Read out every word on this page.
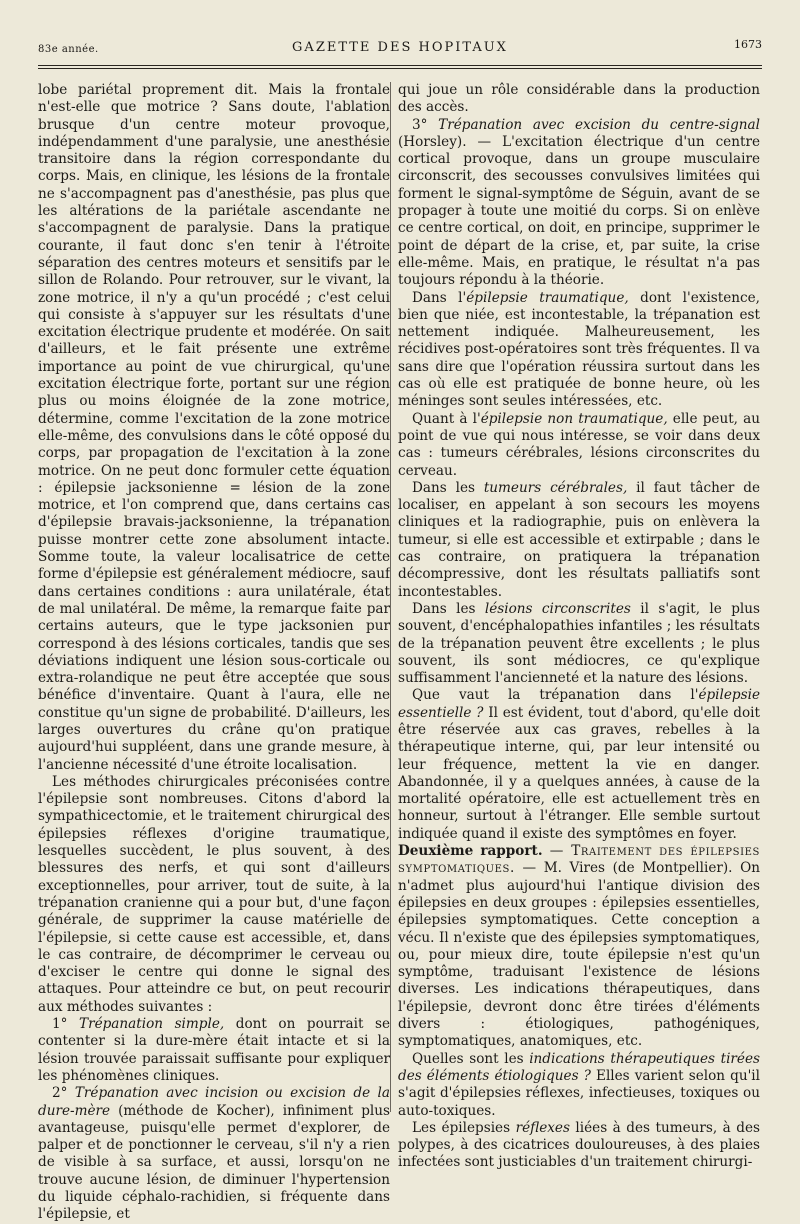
83e année.	GAZETTE DES HOPITAUX	1673

lobe pariétal proprement dit. Mais la frontale n'est-elle que motrice ? Sans doute, l'ablation brusque d'un centre moteur provoque, indépendamment d'une paralysie, une anesthésie transitoire dans la région correspondante du corps. Mais, en clinique, les lésions de la frontale ne s'accompagnent pas d'anesthésie, pas plus que les altérations de la pariétale ascendante ne s'accompagnent de paralysie. Dans la pratique courante, il faut donc s'en tenir à l'étroite séparation des centres moteurs et sensitifs par le sillon de Rolando. Pour retrouver, sur le vivant, la zone motrice, il n'y a qu'un procédé ; c'est celui qui consiste à s'appuyer sur les résultats d'une excitation électrique prudente et modérée. On sait d'ailleurs, et le fait présente une extrême importance au point de vue chirurgical, qu'une excitation électrique forte, portant sur une région plus ou moins éloignée de la zone motrice, détermine, comme l'excitation de la zone motrice elle-même, des convulsions dans le côté opposé du corps, par propagation de l'excitation à la zone motrice. On ne peut donc formuler cette équation : épilepsie jacksonienne = lésion de la zone motrice, et l'on comprend que, dans certains cas d'épilepsie bravais-jacksonienne, la trépanation puisse montrer cette zone absolument intacte. Somme toute, la valeur localisatrice de cette forme d'épilepsie est généralement médiocre, sauf dans certaines conditions : aura unilatérale, état de mal unilatéral. De même, la remarque faite par certains auteurs, que le type jacksonien pur correspond à des lésions corticales, tandis que ses déviations indiquent une lésion sous-corticale ou extra-rolandique ne peut être acceptée que sous bénéfice d'inventaire. Quant à l'aura, elle ne constitue qu'un signe de probabilité. D'ailleurs, les larges ouvertures du crâne qu'on pratique aujourd'hui suppléent, dans une grande mesure, à l'ancienne nécessité d'une étroite localisation.

Les méthodes chirurgicales préconisées contre l'épilepsie sont nombreuses. Citons d'abord la sympathicectomie, et le traitement chirurgical des épilepsies réflexes d'origine traumatique, lesquelles succèdent, le plus souvent, à des blessures des nerfs, et qui sont d'ailleurs exceptionnelles, pour arriver, tout de suite, à la trépanation cranienne qui a pour but, d'une façon générale, de supprimer la cause matérielle de l'épilepsie, si cette cause est accessible, et, dans le cas contraire, de décomprimer le cerveau ou d'exciser le centre qui donne le signal des attaques. Pour atteindre ce but, on peut recourir aux méthodes suivantes :

1° Trépanation simple, dont on pourrait se contenter si la dure-mère était intacte et si la lésion trouvée paraissait suffisante pour expliquer les phénomènes cliniques.

2° Trépanation avec incision ou excision de la dure-mère (méthode de Kocher), infiniment plus avantageuse, puisqu'elle permet d'explorer, de palper et de ponctionner le cerveau, s'il n'y a rien de visible à sa surface, et aussi, lorsqu'on ne trouve aucune lésion, de diminuer l'hypertension du liquide céphalo-rachidien, si fréquente dans l'épilepsie, et

qui joue un rôle considérable dans la production des accès.

3° Trépanation avec excision du centre-signal (Horsley). — L'excitation électrique d'un centre cortical provoque, dans un groupe musculaire circonscrit, des secousses convulsives limitées qui forment le signal-symptôme de Séguin, avant de se propager à toute une moitié du corps. Si on enlève ce centre cortical, on doit, en principe, supprimer le point de départ de la crise, et, par suite, la crise elle-même. Mais, en pratique, le résultat n'a pas toujours répondu à la théorie.

Dans l'épilepsie traumatique, dont l'existence, bien que niée, est incontestable, la trépanation est nettement indiquée. Malheureusement, les récidives post-opératoires sont très fréquentes. Il va sans dire que l'opération réussira surtout dans les cas où elle est pratiquée de bonne heure, où les méninges sont seules intéressées, etc.

Quant à l'épilepsie non traumatique, elle peut, au point de vue qui nous intéresse, se voir dans deux cas : tumeurs cérébrales, lésions circonscrites du cerveau.

Dans les tumeurs cérébrales, il faut tâcher de localiser, en appelant à son secours les moyens cliniques et la radiographie, puis on enlèvera la tumeur, si elle est accessible et extirpable ; dans le cas contraire, on pratiquera la trépanation décompressive, dont les résultats palliatifs sont incontestables.

Dans les lésions circonscrites il s'agit, le plus souvent, d'encéphalopathies infantiles ; les résultats de la trépanation peuvent être excellents ; le plus souvent, ils sont médiocres, ce qu'explique suffisamment l'ancienneté et la nature des lésions.

Que vaut la trépanation dans l'épilepsie essentielle ? Il est évident, tout d'abord, qu'elle doit être réservée aux cas graves, rebelles à la thérapeutique interne, qui, par leur intensité ou leur fréquence, mettent la vie en danger. Abandonnée, il y a quelques années, à cause de la mortalité opératoire, elle est actuellement très en honneur, surtout à l'étranger. Elle semble surtout indiquée quand il existe des symptômes en foyer.

Deuxième rapport. — Traitement des épilepsies symptomatiques. — M. Vires (de Montpellier). On n'admet plus aujourd'hui l'antique division des épilepsies en deux groupes : épilepsies essentielles, épilepsies symptomatiques. Cette conception a vécu. Il n'existe que des épilepsies symptomatiques, ou, pour mieux dire, toute épilepsie n'est qu'un symptôme, traduisant l'existence de lésions diverses. Les indications thérapeutiques, dans l'épilepsie, devront donc être tirées d'éléments divers : étiologiques, pathogéniques, symptomatiques, anatomiques, etc.

Quelles sont les indications thérapeutiques tirées des éléments étiologiques ? Elles varient selon qu'il s'agit d'épilepsies réflexes, infectieuses, toxiques ou auto-toxiques.

Les épilepsies réflexes liées à des tumeurs, à des polypes, à des cicatrices douloureuses, à des plaies infectées sont justiciables d'un traitement chirurgi-
